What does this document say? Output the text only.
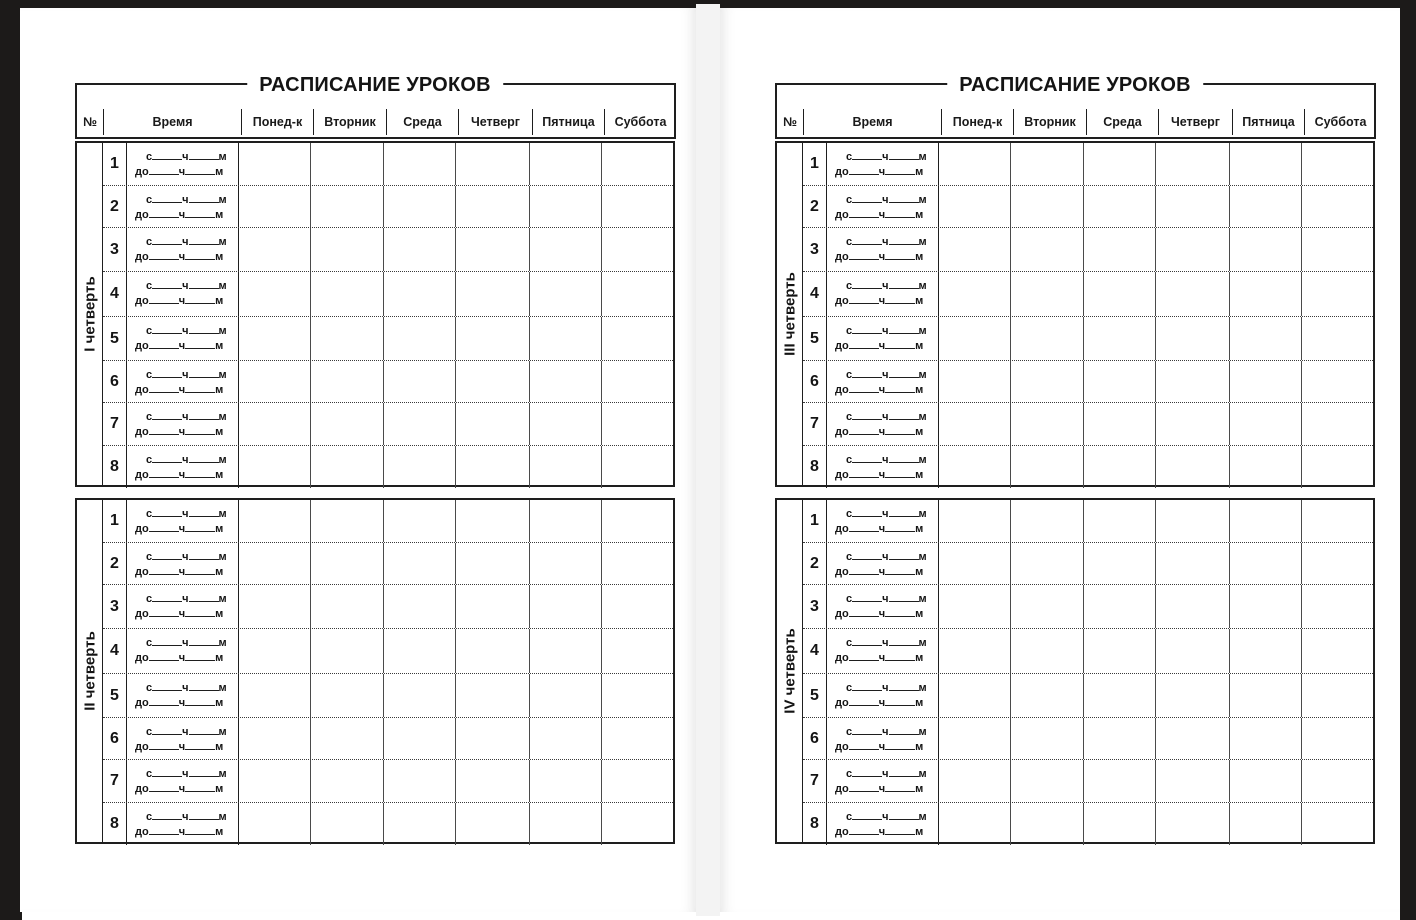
№	Время	Понед-к	Вторник	Среда	Четверг	Пятница	Суббота
РАСПИСАНИЕ УРОКОВ
I четверть
1	с	ч	м
до	ч	м
2	с	ч	м
до	ч	м
3	с	ч	м
до	ч	м
4	с	ч	м
до	ч	м
5	с	ч	м
до	ч	м
6	с	ч	м
до	ч	м
7	с	ч	м
до	ч	м
8	с	ч	м
до	ч	м
II четверть
1	с	ч	м
до	ч	м
2	с	ч	м
до	ч	м
3	с	ч	м
до	ч	м
4	с	ч	м
до	ч	м
5	с	ч	м
до	ч	м
6	с	ч	м
до	ч	м
7	с	ч	м
до	ч	м
8	с	ч	м
до	ч	м
№	Время	Понед-к	Вторник	Среда	Четверг	Пятница	Суббота
РАСПИСАНИЕ УРОКОВ
III четверть
1	с	ч	м
до	ч	м
2	с	ч	м
до	ч	м
3	с	ч	м
до	ч	м
4	с	ч	м
до	ч	м
5	с	ч	м
до	ч	м
6	с	ч	м
до	ч	м
7	с	ч	м
до	ч	м
8	с	ч	м
до	ч	м
IV четверть
1	с	ч	м
до	ч	м
2	с	ч	м
до	ч	м
3	с	ч	м
до	ч	м
4	с	ч	м
до	ч	м
5	с	ч	м
до	ч	м
6	с	ч	м
до	ч	м
7	с	ч	м
до	ч	м
8	с	ч	м
до	ч	м
